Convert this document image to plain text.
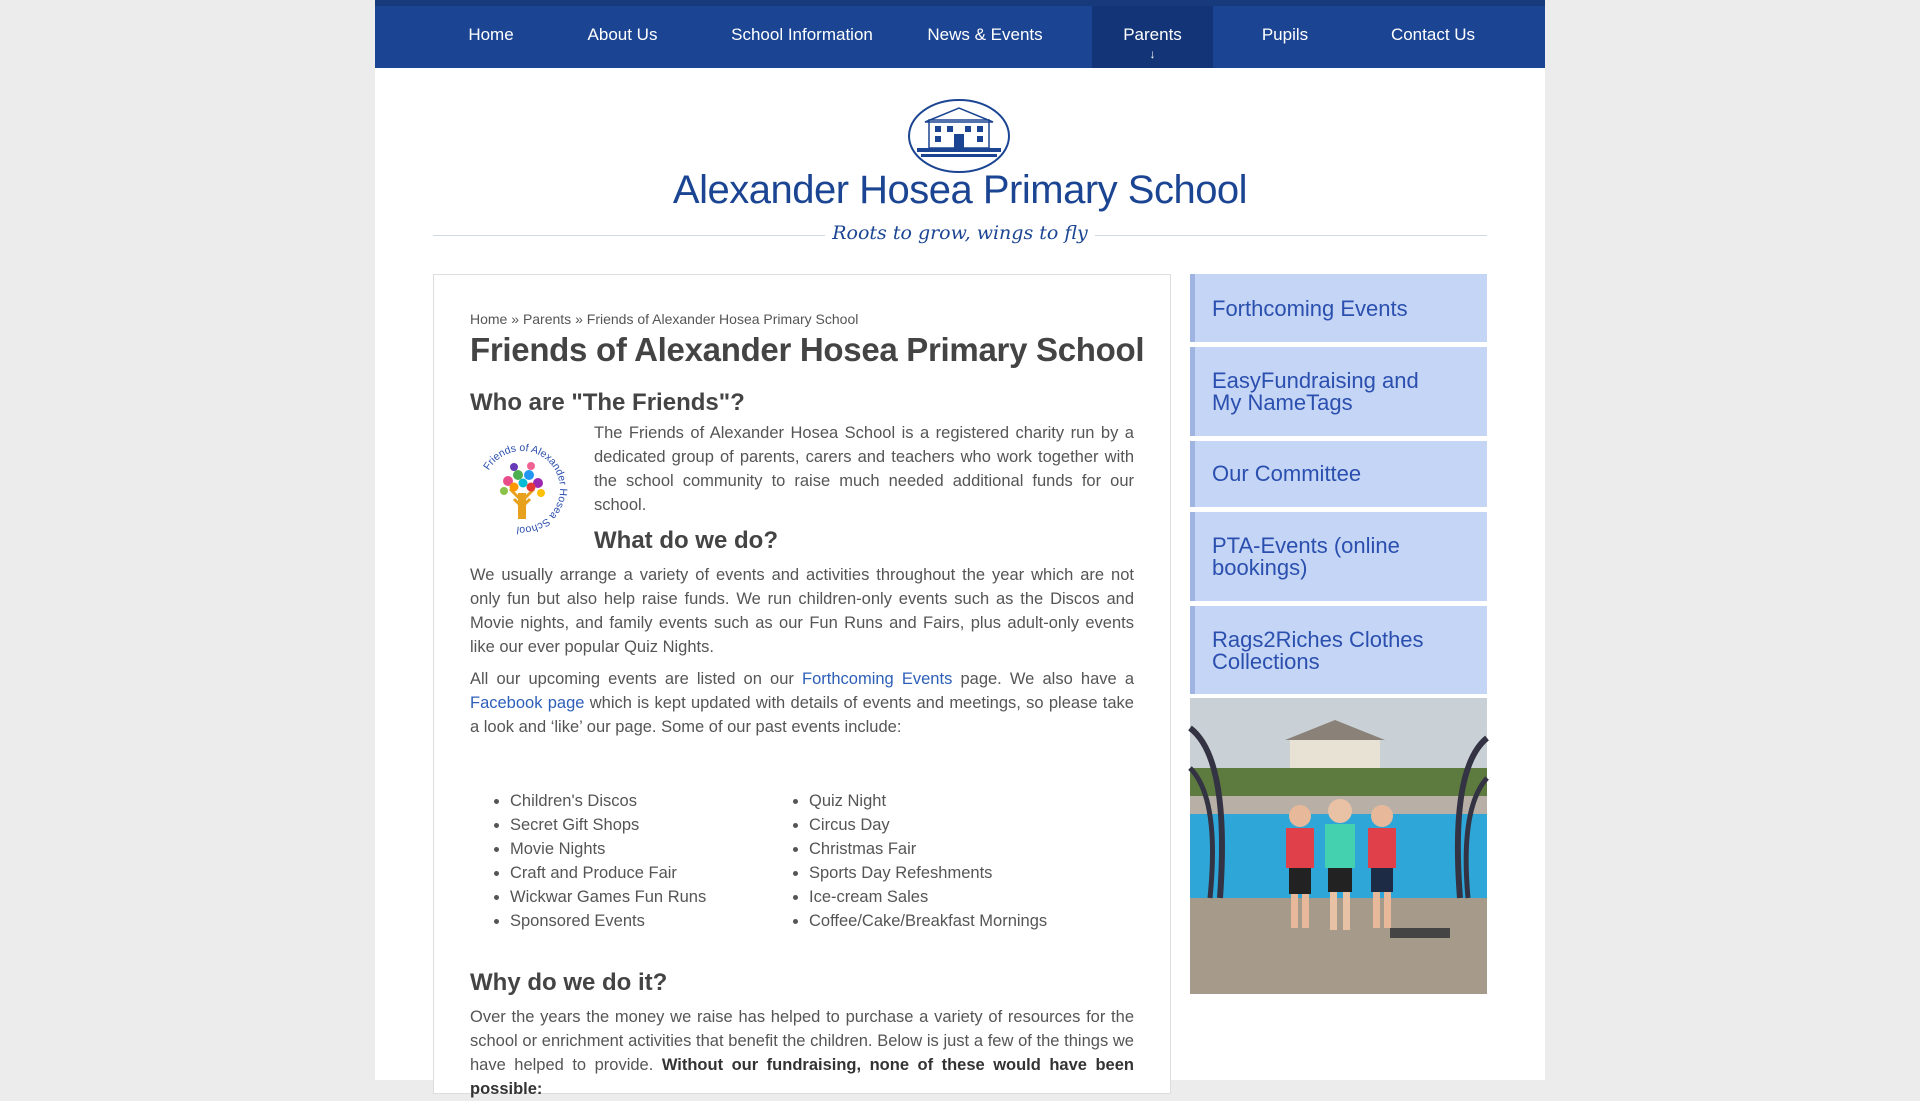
Home	About Us	School Information	News & Events	Parents
↓
Pupils	Contact Us
Alexander Hosea Primary School
Roots to grow, wings to fly
Home » Parents » Friends of Alexander Hosea Primary School
Friends of Alexander Hosea Primary School
Who are "The Friends"?
Friends of Alexander Hosea School
The Friends of Alexander Hosea School is a registered charity run by a dedicated group of parents, carers and teachers who work together with the school community to raise much needed additional funds for our school.
What do we do?
We usually arrange a variety of events and activities throughout the year which are not only fun but also help raise funds. We run children-only events such as the Discos and Movie nights, and family events such as our Fun Runs and Fairs, plus adult-only events like our ever popular Quiz Nights.
All our upcoming events are listed on our Forthcoming Events page. We also have a Facebook page which is kept updated with details of events and meetings, so please take a look and ‘like’ our page. Some of our past events include:
• Children's Discos
• Secret Gift Shops
• Movie Nights
• Craft and Produce Fair
• Wickwar Games Fun Runs
• Sponsored Events
• Quiz Night
• Circus Day
• Christmas Fair
• Sports Day Refeshments
• Ice-cream Sales
• Coffee/Cake/Breakfast Mornings
Why do we do it?
Over the years the money we raise has helped to purchase a variety of resources for the school or enrichment activities that benefit the children. Below is just a few of the things we have helped to provide. Without our fundraising, none of these would have been possible:
Forthcoming Events
EasyFundraising and My NameTags
Our Committee
PTA-Events (online bookings)
Rags2Riches Clothes Collections
